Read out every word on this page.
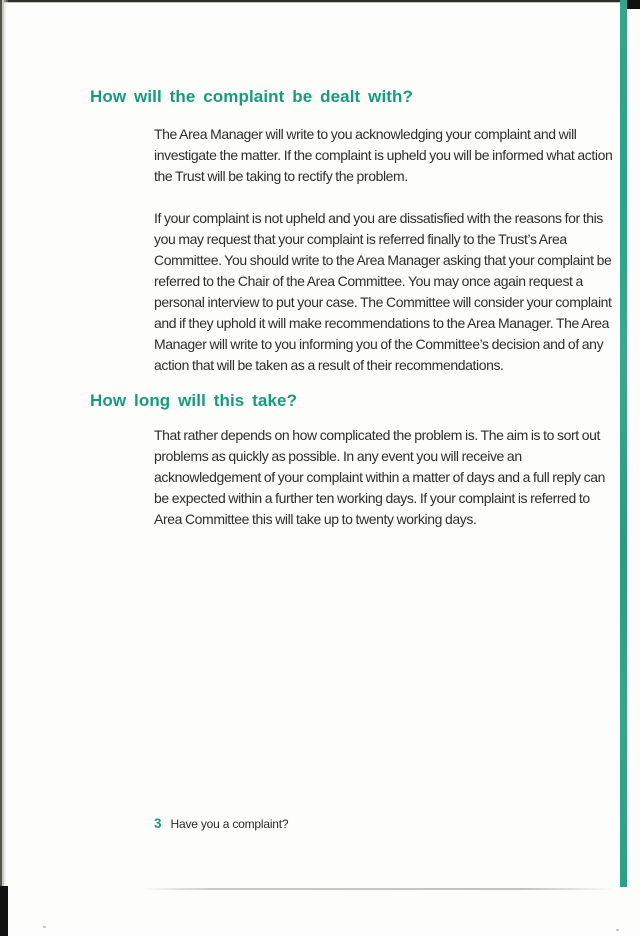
How will the complaint be dealt with?

The Area Manager will write to you acknowledging your complaint and will investigate the matter. If the complaint is upheld you will be informed what action the Trust will be taking to rectify the problem.

If your complaint is not upheld and you are dissatisfied with the reasons for this you may request that your complaint is referred finally to the Trust’s Area Committee. You should write to the Area Manager asking that your complaint be referred to the Chair of the Area Committee. You may once again request a personal interview to put your case. The Committee will consider your complaint and if they uphold it will make recommendations to the Area Manager. The Area Manager will write to you informing you of the Committee’s decision and of any action that will be taken as a result of their recommendations.

How long will this take?

That rather depends on how complicated the problem is. The aim is to sort out problems as quickly as possible. In any event you will receive an acknowledgement of your complaint within a matter of days and a full reply can be expected within a further ten working days. If your complaint is referred to Area Committee this will take up to twenty working days.

3 Have you a complaint?
